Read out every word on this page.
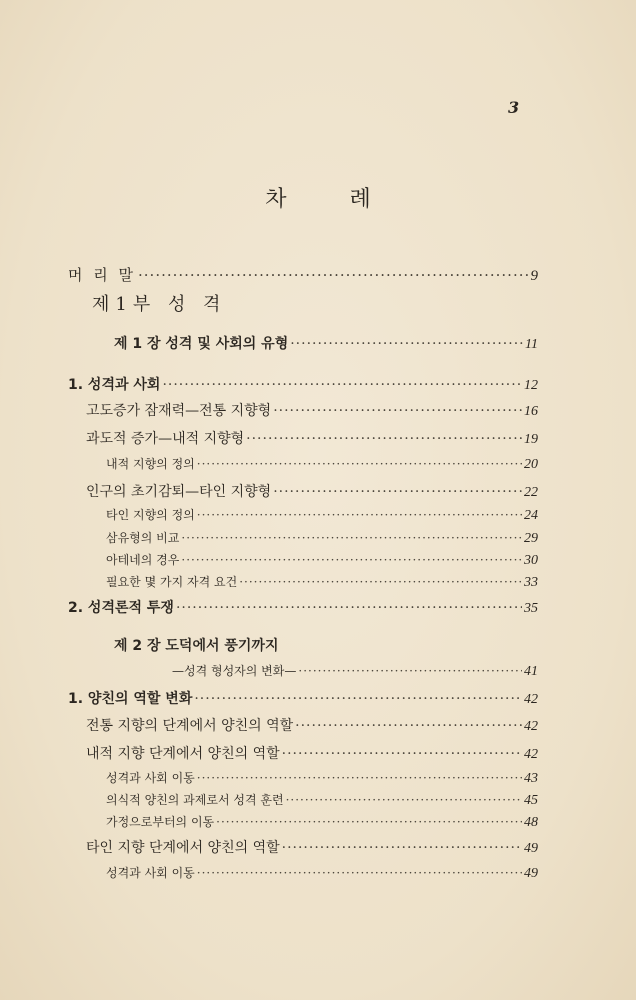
3
차 례
머 리 말 ·····	9
제1부 성 격
제 1 장 성격 및 사회의 유형 ·····	11
1. 성격과 사회 ·····	12
고도증가 잠재력—전통 지향형 ·····	16
과도적 증가—내적 지향형 ·····	19
내적 지향의 정의 ·····	20
인구의 초기감퇴—타인 지향형 ·····	22
타인 지향의 정의 ·····	24
삼유형의 비교 ·····	29
아테네의 경우 ·····	30
필요한 몇 가지 자격 요건 ·····	33
2. 성격론적 투쟁 ·····	35
제 2 장 도덕에서 풍기까지
—성격 형성자의 변화— ·····	41
1. 양친의 역할 변화 ·····	42
전통 지향의 단계에서 양친의 역할 ·····	42
내적 지향 단계에서 양친의 역할 ·····	42
성격과 사회 이동 ·····	43
의식적 양친의 과제로서 성격 훈련 ·····	45
가정으로부터의 이동 ·····	48
타인 지향 단계에서 양친의 역할 ·····	49
성격과 사회 이동 ·····	49
